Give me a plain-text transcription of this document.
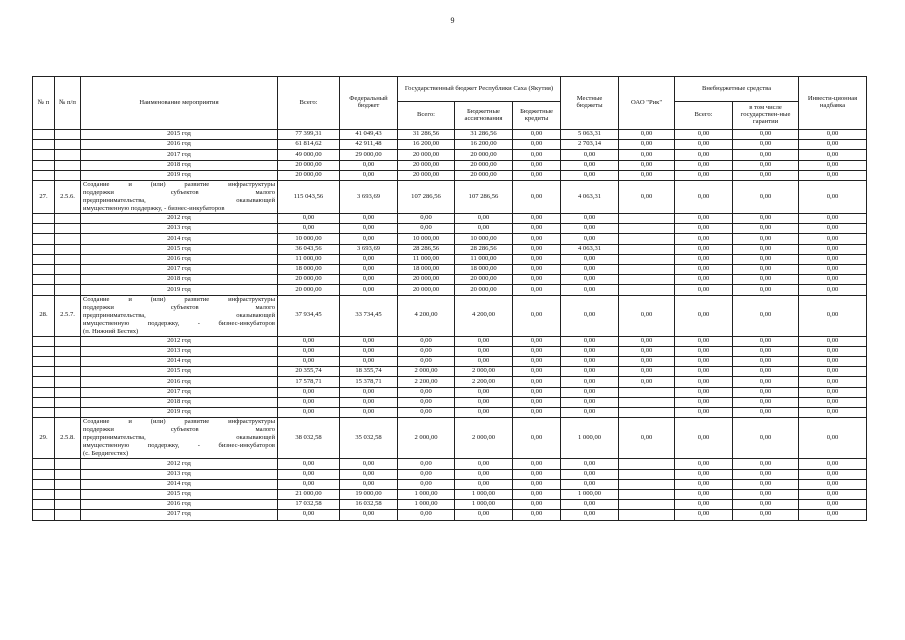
9
№ п	№ п/п	Наименование мероприятия	Всего:	Федеральный бюджет	Государственный бюджет Республики Саха (Якутия)			Местные бюджеты	ОАО "Рик"	Внебюджетные средства		Инвести-ционная надбавка
					Всего:	Бюджетные ассигнования	Бюджетные кредиты			Всего:	в том числе государствен-ные гарантии	
		2015 год	77 399,31	41 049,43	31 286,56	31 286,56	0,00	5 063,31	0,00	0,00	0,00	0,00
		2016 год	61 814,62	42 911,48	16 200,00	16 200,00	0,00	2 703,14	0,00	0,00	0,00	0,00
		2017 год	49 000,00	29 000,00	20 000,00	20 000,00	0,00	0,00	0,00	0,00	0,00	0,00
		2018 год	20 000,00	0,00	20 000,00	20 000,00	0,00	0,00	0,00	0,00	0,00	0,00
		2019 год	20 000,00	0,00	20 000,00	20 000,00	0,00	0,00	0,00	0,00	0,00	0,00
27.	2.5.6.	Создание и (или) развитие инфраструктуры
поддержки субъектов малого
предпринимательства, оказывающей
имущественную поддержку, - бизнес-инкубаторов	115 043,56	3 693,69	107 286,56	107 286,56	0,00	4 063,31	0,00	0,00	0,00	0,00
		2012 год	0,00	0,00	0,00	0,00	0,00	0,00		0,00	0,00	0,00
		2013 год	0,00	0,00	0,00	0,00	0,00	0,00		0,00	0,00	0,00
		2014 год	10 000,00	0,00	10 000,00	10 000,00	0,00	0,00		0,00	0,00	0,00
		2015 год	36 043,56	3 693,69	28 286,56	28 286,56	0,00	4 063,31		0,00	0,00	0,00
		2016 год	11 000,00	0,00	11 000,00	11 000,00	0,00	0,00		0,00	0,00	0,00
		2017 год	18 000,00	0,00	18 000,00	18 000,00	0,00	0,00		0,00	0,00	0,00
		2018 год	20 000,00	0,00	20 000,00	20 000,00	0,00	0,00		0,00	0,00	0,00
		2019 год	20 000,00	0,00	20 000,00	20 000,00	0,00	0,00		0,00	0,00	0,00
28.	2.5.7.	Создание и (или) развитие инфраструктуры
поддержки субъектов малого
предпринимательства, оказывающей
имущественную поддержку, - бизнес-инкубаторов
(п. Нижний Бестях)	37 934,45	33 734,45	4 200,00	4 200,00	0,00	0,00	0,00	0,00	0,00	0,00
		2012 год	0,00	0,00	0,00	0,00	0,00	0,00	0,00	0,00	0,00	0,00
		2013 год	0,00	0,00	0,00	0,00	0,00	0,00	0,00	0,00	0,00	0,00
		2014 год	0,00	0,00	0,00	0,00	0,00	0,00	0,00	0,00	0,00	0,00
		2015 год	20 355,74	18 355,74	2 000,00	2 000,00	0,00	0,00	0,00	0,00	0,00	0,00
		2016 год	17 578,71	15 378,71	2 200,00	2 200,00	0,00	0,00	0,00	0,00	0,00	0,00
		2017 год	0,00	0,00	0,00	0,00	0,00	0,00		0,00	0,00	0,00
		2018 год	0,00	0,00	0,00	0,00	0,00	0,00		0,00	0,00	0,00
		2019 год	0,00	0,00	0,00	0,00	0,00	0,00		0,00	0,00	0,00
29.	2.5.8.	Создание и (или) развитие инфраструктуры
поддержки субъектов малого
предпринимательства, оказывающей
имущественную поддержку, - бизнес-инкубаторов
(с. Бердигестях)	38 032,58	35 032,58	2 000,00	2 000,00	0,00	1 000,00	0,00	0,00	0,00	0,00
		2012 год	0,00	0,00	0,00	0,00	0,00	0,00		0,00	0,00	0,00
		2013 год	0,00	0,00	0,00	0,00	0,00	0,00		0,00	0,00	0,00
		2014 год	0,00	0,00	0,00	0,00	0,00	0,00		0,00	0,00	0,00
		2015 год	21 000,00	19 000,00	1 000,00	1 000,00	0,00	1 000,00		0,00	0,00	0,00
		2016 год	17 032,58	16 032,58	1 000,00	1 000,00	0,00	0,00		0,00	0,00	0,00
		2017 год	0,00	0,00	0,00	0,00	0,00	0,00		0,00	0,00	0,00
